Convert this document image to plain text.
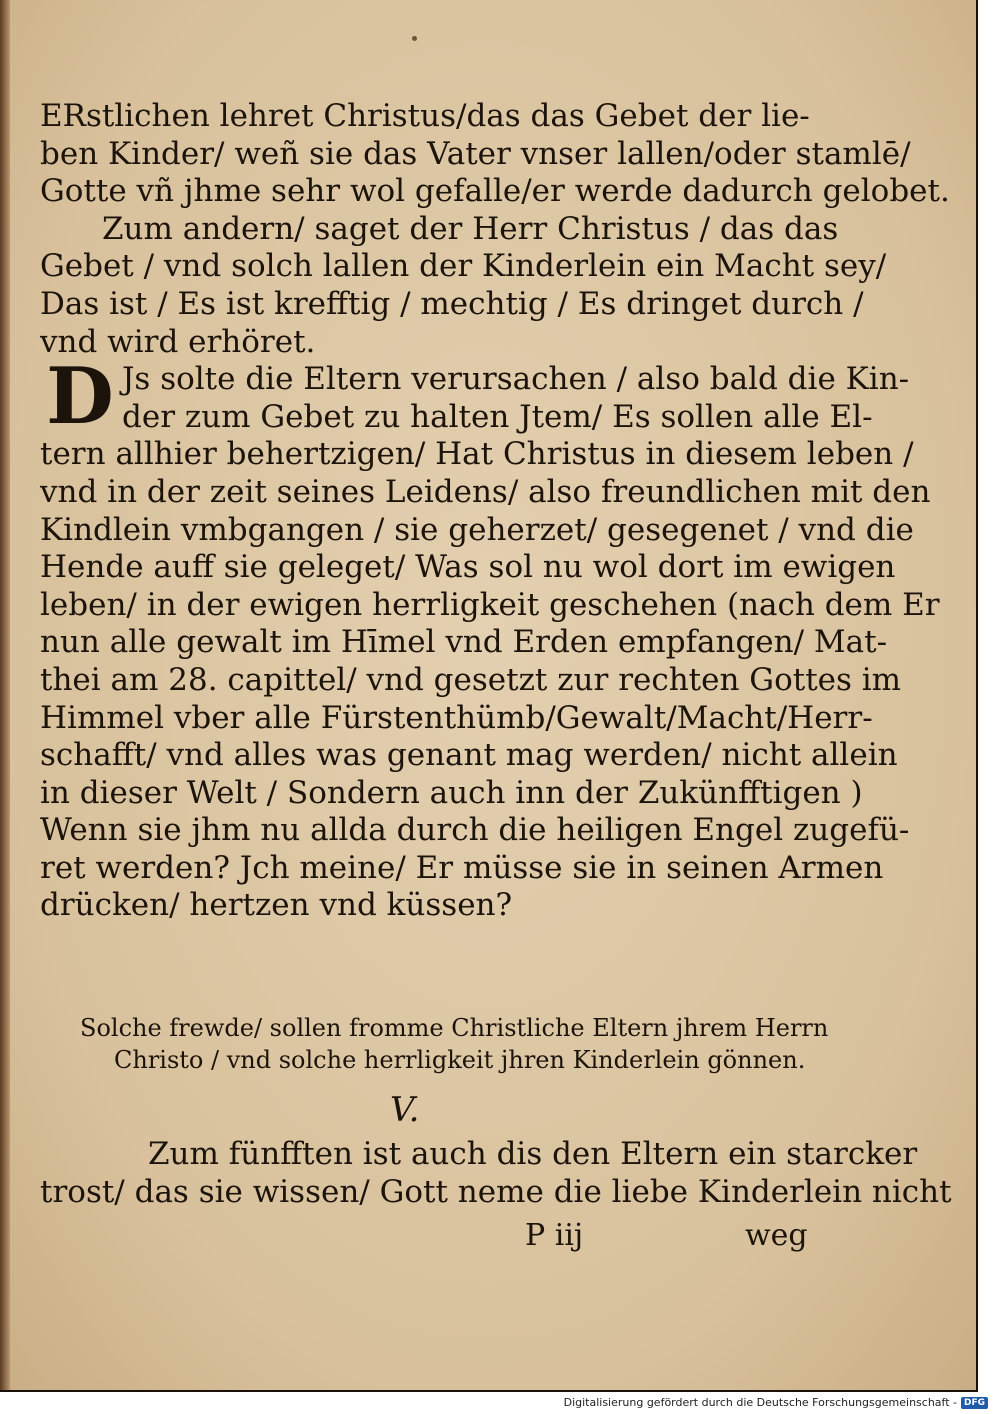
ERstlichen lehret Christus/das das Gebet der lie-
ben Kinder/ weñ sie das Vater vnser lallen/oder stamlē/
Gotte vñ jhme sehr wol gefalle/er werde dadurch gelobet.
Zum andern/ saget der Herr Christus / das das
Gebet / vnd solch lallen der Kinderlein ein Macht sey/
Das ist / Es ist krefftig / mechtig / Es dringet durch /
vnd wird erhöret.
D Js solte die Eltern verursachen / also bald die Kin-
der zum Gebet zu halten Jtem/ Es sollen alle El-
tern allhier behertzigen/ Hat Christus in diesem leben /
vnd in der zeit seines Leidens/ also freundlichen mit den
Kindlein vmbgangen / sie geherzet/ gesegenet / vnd die
Hende auff sie geleget/ Was sol nu wol dort im ewigen
leben/ in der ewigen herrligkeit geschehen (nach dem Er
nun alle gewalt im Hīmel vnd Erden empfangen/ Mat-
thei am 28. capittel/ vnd gesetzt zur rechten Gottes im
Himmel vber alle Fürstenthümb/Gewalt/Macht/Herr-
schafft/ vnd alles was genant mag werden/ nicht allein
in dieser Welt / Sondern auch inn der Zukünfftigen )
Wenn sie jhm nu allda durch die heiligen Engel zugefü-
ret werden? Jch meine/ Er müsse sie in seinen Armen
drücken/ hertzen vnd küssen?
Solche frewde/ sollen fromme Christliche Eltern jhrem Herrn
Christo / vnd solche herrligkeit jhren Kinderlein gönnen.
V.
Zum fünfften ist auch dis den Eltern ein starcker
trost/ das sie wissen/ Gott neme die liebe Kinderlein nicht
P iij	weg
Digitalisierung gefördert durch die Deutsche Forschungsgemeinschaft - DFG
